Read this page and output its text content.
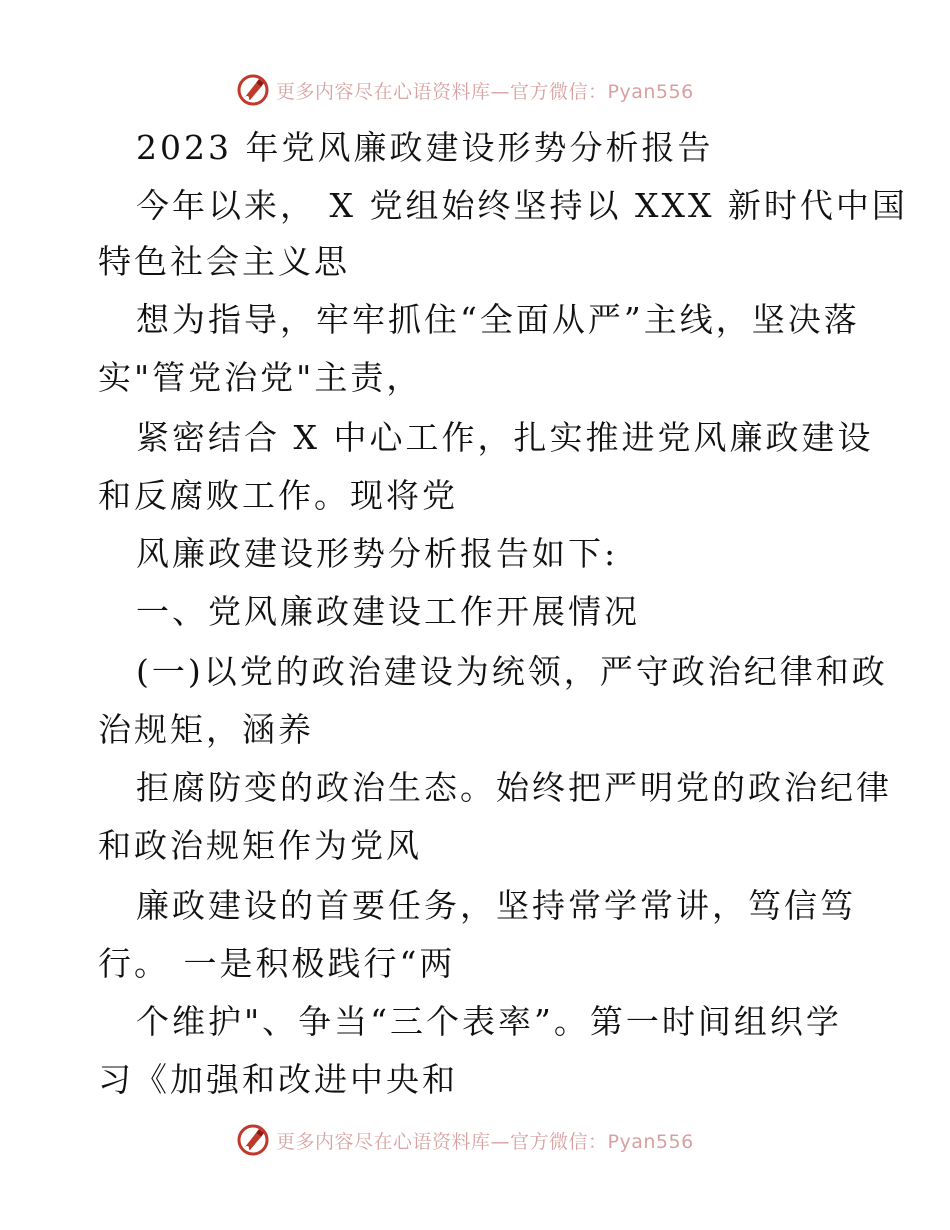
更多内容尽在心语资料库—官方微信：Pyan556
2023 年党风廉政建设形势分析报告
今年以来， X 党组始终坚持以 XXX 新时代中国
特色社会主义思
想为指导，牢牢抓住“全面从严”主线，坚决落
实"管党治党"主责，
紧密结合 X 中心工作，扎实推进党风廉政建设
和反腐败工作。现将党
风廉政建设形势分析报告如下:
一、党风廉政建设工作开展情况
(一)以党的政治建设为统领，严守政治纪律和政
治规矩，涵养
拒腐防变的政治生态。始终把严明党的政治纪律
和政治规矩作为党风
廉政建设的首要任务，坚持常学常讲，笃信笃
行。 一是积极践行“两
个维护"、争当“三个表率”。第一时间组织学
习《加强和改进中央和
更多内容尽在心语资料库—官方微信：Pyan556
